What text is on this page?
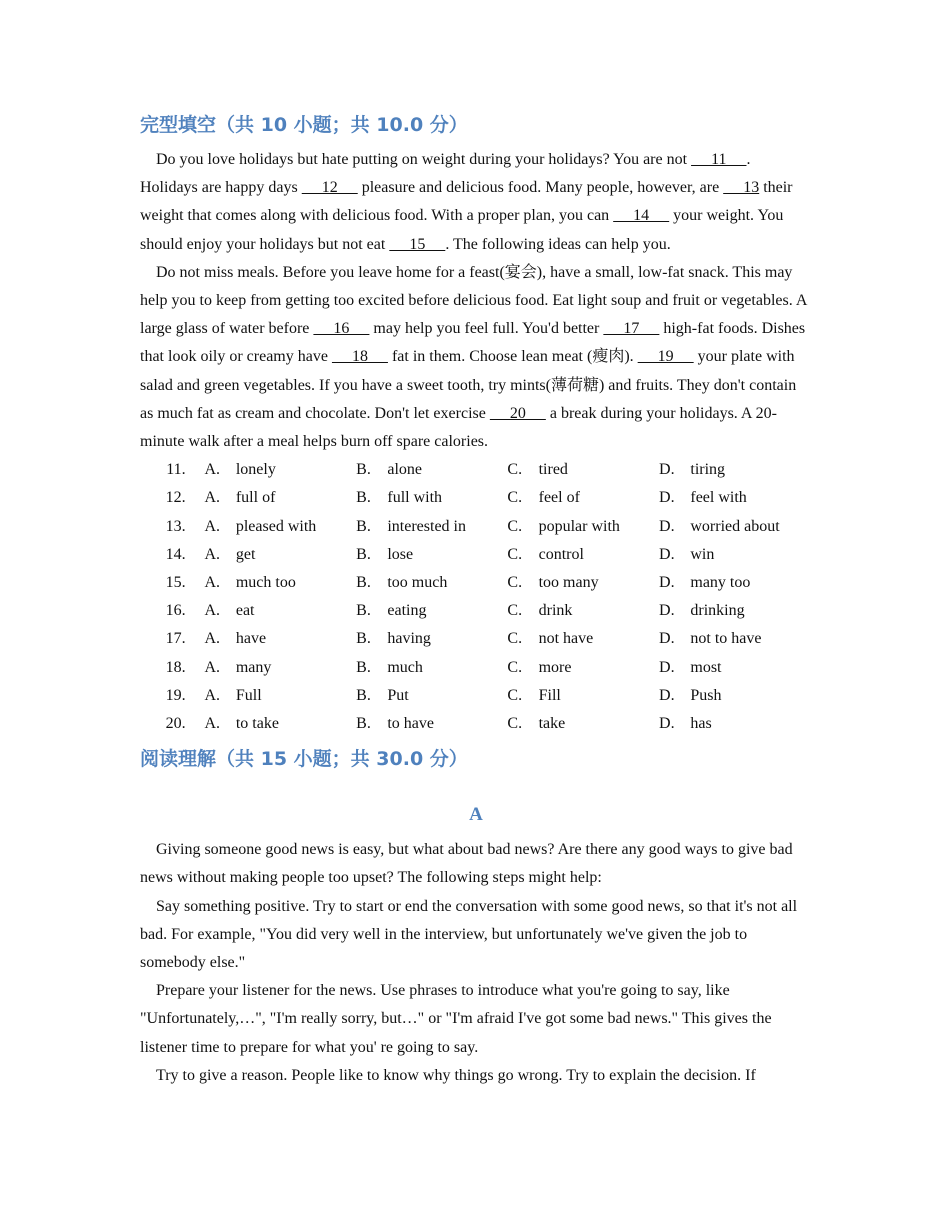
完型填空（共 10 小题；共 10.0 分）

Do you love holidays but hate putting on weight during your holidays? You are not      11     . Holidays are happy days      12      pleasure and delicious food. Many people, however, are      13 their weight that comes along with delicious food. With a proper plan, you can      14      your weight. You should enjoy your holidays but not eat      15     . The following ideas can help you.

Do not miss meals. Before you leave home for a feast(宴会), have a small, low-fat snack. This may help you to keep from getting too excited before delicious food. Eat light soup and fruit or vegetables. A large glass of water before      16      may help you feel full. You'd better      17      high-fat foods. Dishes that look oily or creamy have      18      fat in them. Choose lean meat (瘦肉).      19      your plate with salad and green vegetables. If you have a sweet tooth, try mints(薄荷糖) and fruits. They don't contain as much fat as cream and chocolate. Don't let exercise      20      a break during your holidays. A 20-minute walk after a meal helps burn off spare calories.

11.		A.	lonely	B.	alone	C.	tired	D.	tiring
12.		A.	full of	B.	full with	C.	feel of	D.	feel with
13.		A.	pleased with	B.	interested in	C.	popular with	D.	worried about
14.		A.	get	B.	lose	C.	control	D.	win
15.		A.	much too	B.	too much	C.	too many	D.	many too
16.		A.	eat	B.	eating	C.	drink	D.	drinking
17.		A.	have	B.	having	C.	not have	D.	not to have
18.		A.	many	B.	much	C.	more	D.	most
19.		A.	Full	B.	Put	C.	Fill	D.	Push
20.		A.	to take	B.	to have	C.	take	D.	has
阅读理解（共 15 小题；共 30.0 分）
A

Giving someone good news is easy, but what about bad news? Are there any good ways to give bad news without making people too upset? The following steps might help:

Say something positive. Try to start or end the conversation with some good news, so that it's not all bad. For example, "You did very well in the interview, but unfortunately we've given the job to somebody else."

Prepare your listener for the news. Use phrases to introduce what you're going to say, like "Unfortunately,…", "I'm really sorry, but…" or "I'm afraid I've got some bad news." This gives the listener time to prepare for what you' re going to say.

Try to give a reason. People like to know why things go wrong. Try to explain the decision. If
